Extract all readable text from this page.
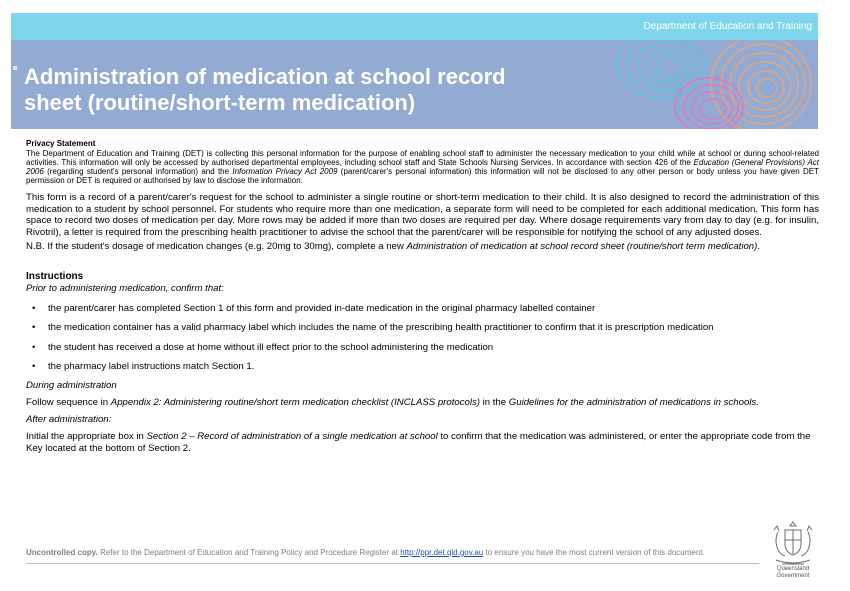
Department of Education and Training
Administration of medication at school record
sheet (routine/short-term medication)
Privacy Statement
The Department of Education and Training (DET) is collecting this personal information for the purpose of enabling school staff to administer the necessary medication to your child while at school or during school-related activities. This information will only be accessed by authorised departmental employees, including school staff and State Schools Nursing Services. In accordance with section 426 of the Education (General Provisions) Act 2006 (regarding student's personal information) and the Information Privacy Act 2009 (parent/carer's personal information) this information will not be disclosed to any other person or body unless you have given DET permission or DET is required or authorised by law to disclose the information.
This form is a record of a parent/carer's request for the school to administer a single routine or short-term medication to their child. It is also designed to record the administration of this medication to a student by school personnel. For students who require more than one medication, a separate form will need to be completed for each additional medication. This form has space to record two doses of medication per day. More rows may be added if more than two doses are required per day. Where dosage requirements vary from day to day (e.g. for insulin, Rivotril), a letter is required from the prescribing health practitioner to advise the school that the parent/carer will be responsible for notifying the school of any adjusted doses.
N.B. If the student's dosage of medication changes (e.g. 20mg to 30mg), complete a new Administration of medication at school record sheet (routine/short term medication).
Instructions
Prior to administering medication, confirm that:
• the parent/carer has completed Section 1 of this form and provided in-date medication in the original pharmacy labelled container
• the medication container has a valid pharmacy label which includes the name of the prescribing health practitioner to confirm that it is prescription medication
• the student has received a dose at home without ill effect prior to the school administering the medication
• the pharmacy label instructions match Section 1.
During administration
Follow sequence in Appendix 2: Administering routine/short term medication checklist (INCLASS protocols) in the Guidelines for the administration of medications in schools.
After administration:
Initial the appropriate box in Section 2 – Record of administration of a single medication at school to confirm that the medication was administered, or enter the appropriate code from the Key located at the bottom of Section 2.
Uncontrolled copy. Refer to the Department of Education and Training Policy and Procedure Register at http://ppr.det.qld.gov.au to ensure you have the most current version of this document.
Queensland
Government
